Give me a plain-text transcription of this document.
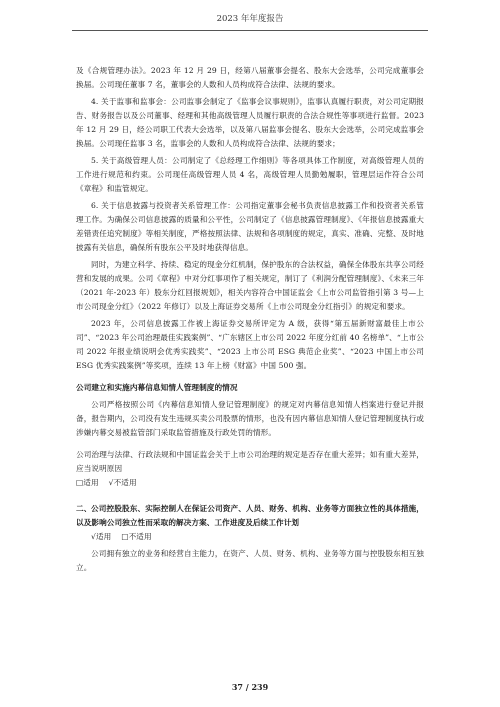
2023 年年度报告

及《合规管理办法》。2023 年 12 月 29 日，经第八届董事会提名、股东大会选举，公司完成董事会换届。公司现任董事 7 名，董事会的人数和人员构成符合法律、法规的要求。

4. 关于监事和监事会：公司监事会制定了《监事会议事规则》，监事认真履行职责，对公司定期报告、财务报告以及公司董事、经理和其他高级管理人员履行职责的合法合规性等事项进行监督。2023 年 12 月 29 日，经公司职工代表大会选举，以及第八届监事会提名、股东大会选举，公司完成监事会换届。公司现任监事 3 名，监事会的人数和人员构成符合法律、法规的要求；

5. 关于高级管理人员：公司制定了《总经理工作细则》等各项具体工作制度，对高级管理人员的工作进行规范和约束。公司现任高级管理人员 4 名，高级管理人员勤勉履职，管理层运作符合公司《章程》和监管规定。

6. 关于信息披露与投资者关系管理工作：公司指定董事会秘书负责信息披露工作和投资者关系管理工作。为确保公司信息披露的质量和公平性，公司制定了《信息披露管理制度》、《年报信息披露重大差错责任追究制度》等相关制度，严格按照法律、法规和各项制度的规定，真实、准确、完整、及时地披露有关信息，确保所有股东公平及时地获得信息。

同时，为建立科学、持续、稳定的现金分红机制，保护股东的合法权益，确保全体股东共享公司经营和发展的成果。公司《章程》中对分红事项作了相关规定，制订了《利润分配管理制度》、《未来三年（2021 年-2023 年）股东分红回报规划》，相关内容符合中国证监会《上市公司监管指引第 3 号—上市公司现金分红》（2022 年修订）以及上海证券交易所《上市公司现金分红指引》的规定和要求。

2023 年，公司信息披露工作被上海证券交易所评定为 A 级，获得“第五届新财富最佳上市公司”、“2023 年公司治理最佳实践案例”、“广东辖区上市公司 2022 年度分红前 40 名榜单”、“上市公司 2022 年报业绩说明会优秀实践奖”、“2023 上市公司 ESG 典范企业奖”、“2023 中国上市公司 ESG 优秀实践案例”等奖项，连续 13 年上榜《财富》中国 500 强。

公司建立和实施内幕信息知情人管理制度的情况

公司严格按照公司《内幕信息知情人登记管理制度》的规定对内幕信息知情人档案进行登记并报备，报告期内，公司没有发生违规买卖公司股票的情形，也没有因内幕信息知情人登记管理制度执行或涉嫌内幕交易被监管部门采取监管措施及行政处罚的情形。

公司治理与法律、行政法规和中国证监会关于上市公司治理的规定是否存在重大差异；如有重大差异，应当说明原因

□适用 √不适用

二、公司控股股东、实际控制人在保证公司资产、人员、财务、机构、业务等方面独立性的具体措施，以及影响公司独立性而采取的解决方案、工作进度及后续工作计划

√适用 □不适用

公司拥有独立的业务和经营自主能力，在资产、人员、财务、机构、业务等方面与控股股东相互独立。

37 / 239
